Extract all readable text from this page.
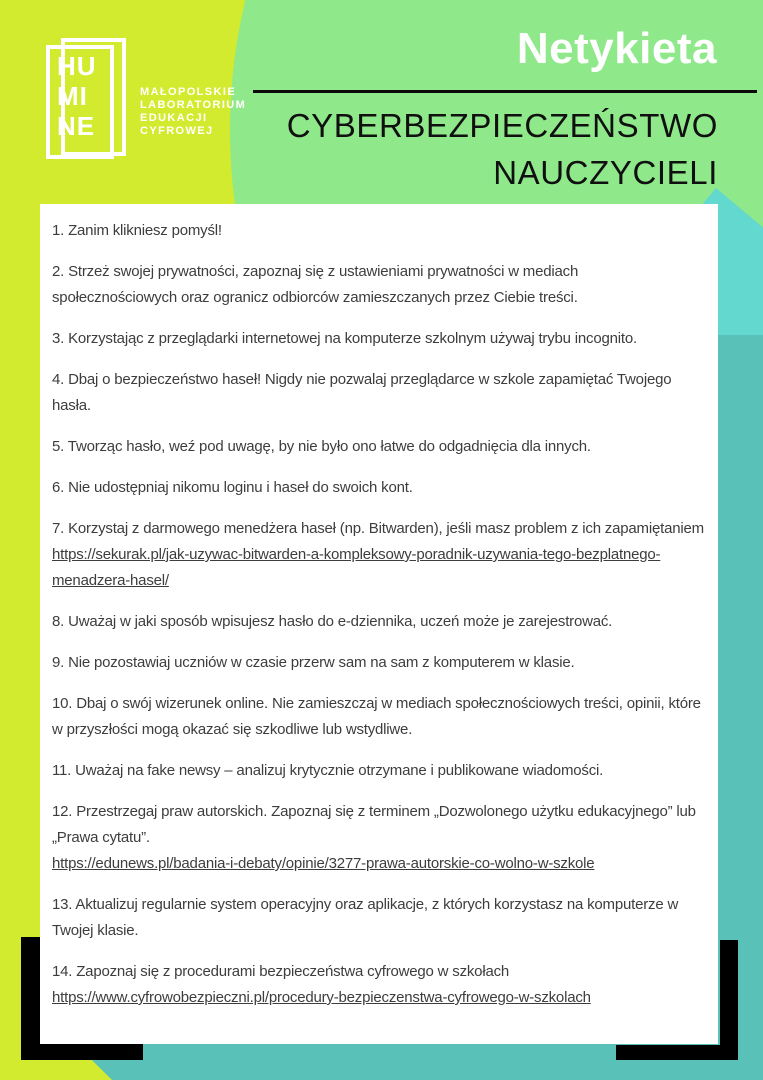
HU
MI
NE
MAŁOPOLSKIE
LABORATORIUM
EDUKACJI
CYFROWEJ
Netykieta
CYBERBEZPIECZEŃSTWO
NAUCZYCIELI

1. Zanim klikniesz pomyśl!

2. Strzeż swojej prywatności, zapoznaj się z ustawieniami prywatności w mediach społecznościowych oraz ogranicz odbiorców zamieszczanych przez Ciebie treści.

3. Korzystając z przeglądarki internetowej na komputerze szkolnym używaj trybu incognito.

4. Dbaj o bezpieczeństwo haseł! Nigdy nie pozwalaj przeglądarce w szkole zapamiętać Twojego hasła.

5. Tworząc hasło, weź pod uwagę, by nie było ono łatwe do odgadnięcia dla innych.

6. Nie udostępniaj nikomu loginu i haseł do swoich kont.

7. Korzystaj z darmowego menedżera haseł (np. Bitwarden), jeśli masz problem z ich zapamiętaniem
https://sekurak.pl/jak-uzywac-bitwarden-a-kompleksowy-poradnik-uzywania-tego-bezplatnego-menadzera-hasel/

8. Uważaj w jaki sposób wpisujesz hasło do e-dziennika, uczeń może je zarejestrować.

9. Nie pozostawiaj uczniów w czasie przerw sam na sam z komputerem w klasie.

10. Dbaj o swój wizerunek online. Nie zamieszczaj w mediach społecznościowych treści, opinii, które w przyszłości mogą okazać się szkodliwe lub wstydliwe.

11. Uważaj na fake newsy – analizuj krytycznie otrzymane i publikowane wiadomości.

12. Przestrzegaj praw autorskich. Zapoznaj się z terminem „Dozwolonego użytku edukacyjnego” lub „Prawa cytatu”.
https://edunews.pl/badania-i-debaty/opinie/3277-prawa-autorskie-co-wolno-w-szkole

13. Aktualizuj regularnie system operacyjny oraz aplikacje, z których korzystasz na komputerze w Twojej klasie.

14. Zapoznaj się z procedurami bezpieczeństwa cyfrowego w szkołach
https://www.cyfrowobezpieczni.pl/procedury-bezpieczenstwa-cyfrowego-w-szkolach
